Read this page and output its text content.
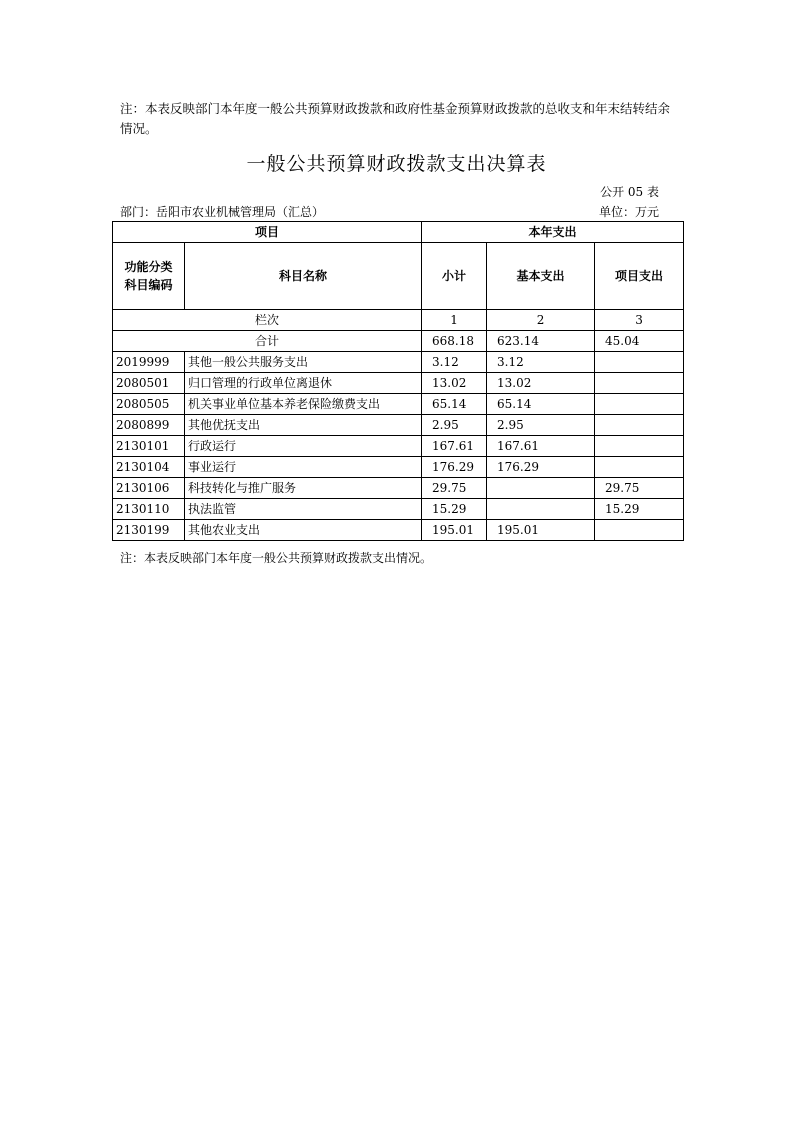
注：本表反映部门本年度一般公共预算财政拨款和政府性基金预算财政拨款的总收支和年末结转结余情况。
一般公共预算财政拨款支出决算表
公开 05 表
部门：岳阳市农业机械管理局（汇总）	单位：万元
项目		本年支出		

功能分类
科目编码	科目名称	小计	基本支出	项目支出
栏次		1	2	3
合计		668.18	623.14	45.04
2019999	其他一般公共服务支出	3.12	3.12	
2080501	归口管理的行政单位离退休	13.02	13.02	
2080505	机关事业单位基本养老保险缴费支出	65.14	65.14	
2080899	其他优抚支出	2.95	2.95	
2130101	行政运行	167.61	167.61	
2130104	事业运行	176.29	176.29	
2130106	科技转化与推广服务	29.75		29.75
2130110	执法监管	15.29		15.29
2130199	其他农业支出	195.01	195.01	
注：本表反映部门本年度一般公共预算财政拨款支出情况。
